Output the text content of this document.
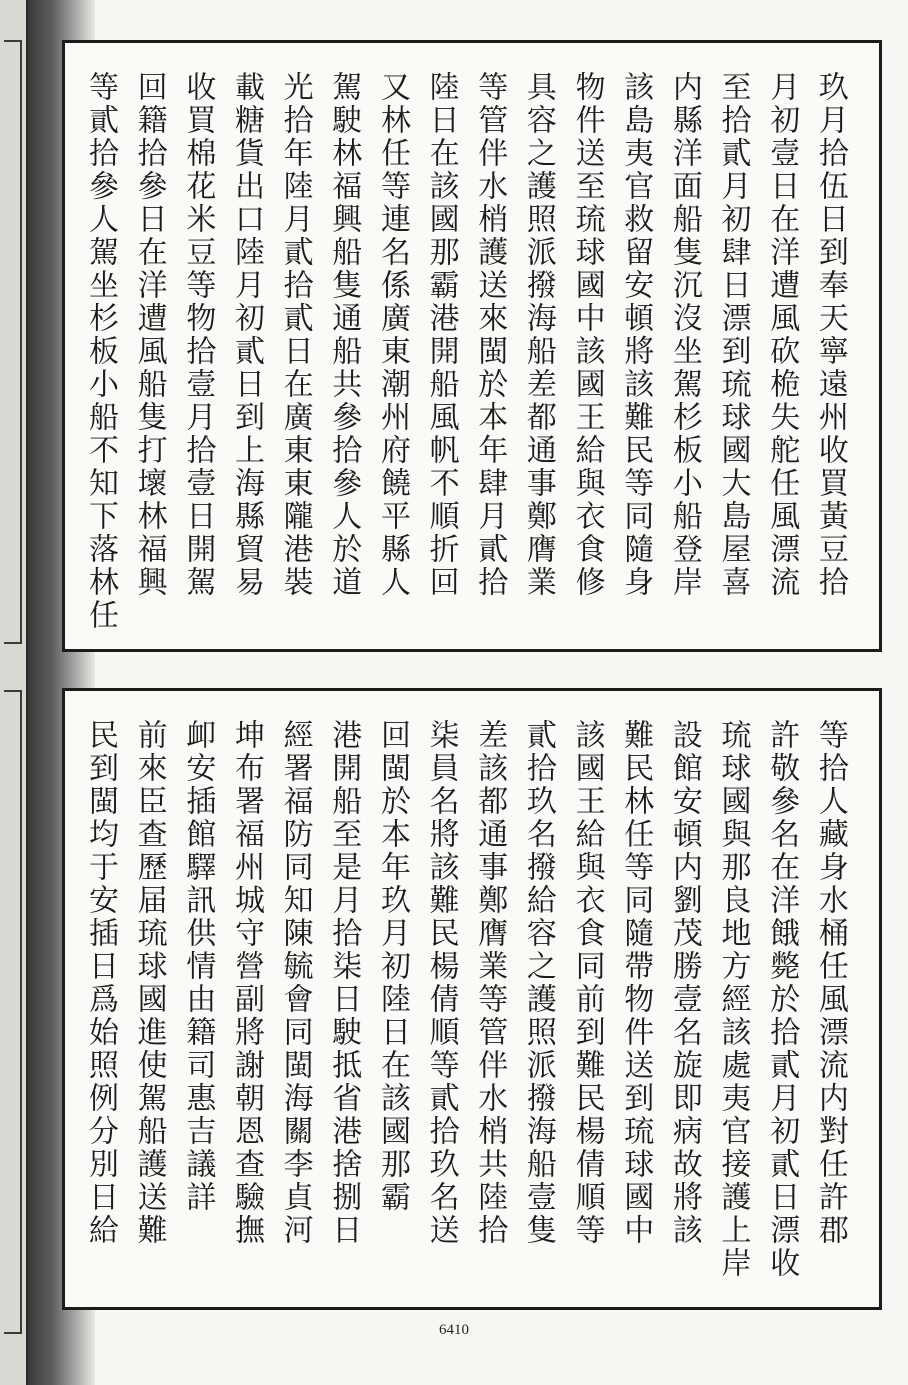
玖月拾伍日到奉天寧遠州收買黃豆拾
月初壹日在洋遭風砍桅失舵任風漂流
至拾貳月初肆日漂到琉球國大島屋喜
内縣洋面船隻沉沒坐駕杉板小船登岸
該島夷官救留安頓將該難民等同隨身
物件送至琉球國中該國王給與衣食修
具容之護照派撥海船差都通事鄭膺業
等管伴水梢護送來閩於本年肆月貳拾
陸日在該國那霸港開船風帆不順折回
又林任等連名係廣東潮州府饒平縣人
駕駛林福興船隻通船共參拾參人於道
光拾年陸月貳拾貳日在廣東東隴港裝
載糖貨出口陸月初貳日到上海縣貿易
收買棉花米豆等物拾壹月拾壹日開駕
回籍拾參日在洋遭風船隻打壞林福興
等貳拾參人駕坐杉板小船不知下落林任
等拾人藏身水桶任風漂流内對任許郡
許敬參名在洋餓斃於拾貳月初貳日漂收
琉球國與那良地方經該處夷官接護上岸
設館安頓内劉茂勝壹名旋即病故將該
難民林任等同隨帶物件送到琉球國中
該國王給與衣食同前到難民楊倩順等
貳拾玖名撥給容之護照派撥海船壹隻
差該都通事鄭膺業等管伴水梢共陸拾
柒員名將該難民楊倩順等貳拾玖名送
回閩於本年玖月初陸日在該國那霸
港開船至是月拾柒日駛抵省港捨捌日
經署福防同知陳毓會同閩海關李貞河
坤布署福州城守營副將謝朝恩查驗撫
卹安插館驛訊供情由籍司惠吉議詳
前來臣查歷届琉球國進使駕船護送難
民到閩均于安插日爲始照例分別日給
6410
